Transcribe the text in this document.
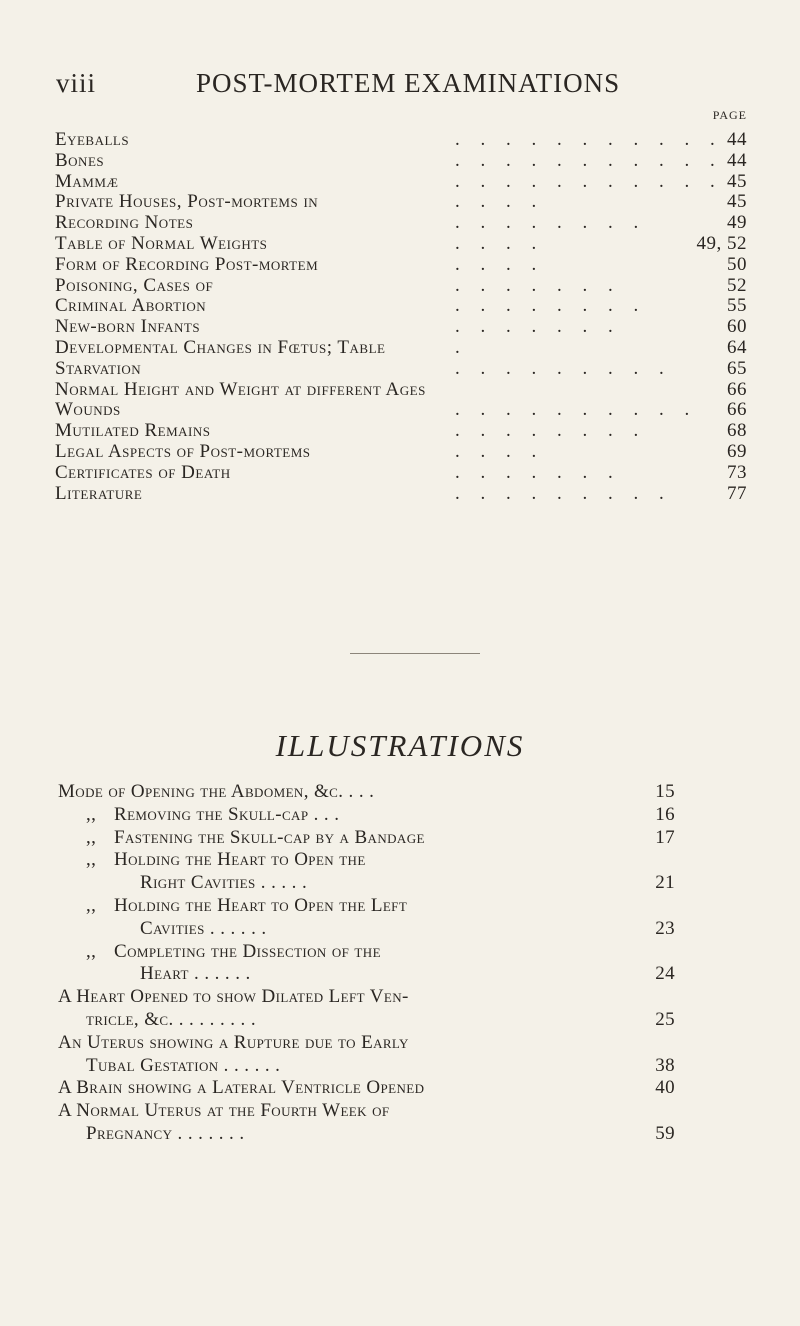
viii	POST-MORTEM EXAMINATIONS
PAGE
Eyeballs	. . . . . . . . . . . 44
Bones	. . . . . . . . . . . 44
Mammæ	. . . . . . . . . . . 45
Private Houses, Post-mortems in	. . . .	45
Recording Notes	. . . . . . . .	49
Table of Normal Weights	. . . .	49, 52
Form of Recording Post-mortem	. . . .	50
Poisoning, Cases of	. . . . . . .	52
Criminal Abortion	. . . . . . . .	55
New-born Infants	. . . . . . .	60
Developmental Changes in Fœtus; Table	.	64
Starvation	. . . . . . . . .	65
Normal Height and Weight at different Ages	66
Wounds	. . . . . . . . . . 66
Mutilated Remains	. . . . . . . .	68
Legal Aspects of Post-mortems	. . . .	69
Certificates of Death	. . . . . . .	73
Literature	. . . . . . . . .	77
ILLUSTRATIONS
Mode of Opening the Abdomen, &c. . . .	15
,, Removing the Skull-cap . . .	16
,, Fastening the Skull-cap by a Bandage	17
,, Holding the Heart to Open the
Right Cavities . . . . .	21
,, Holding the Heart to Open the Left
Cavities . . . . . .	23
,, Completing the Dissection of the
Heart . . . . . .	24
A Heart Opened to show Dilated Left Ven-
tricle, &c. . . . . . . . .	25
An Uterus showing a Rupture due to Early
Tubal Gestation . . . . . .	38
A Brain showing a Lateral Ventricle Opened	40
A Normal Uterus at the Fourth Week of
Pregnancy . . . . . . .	59
